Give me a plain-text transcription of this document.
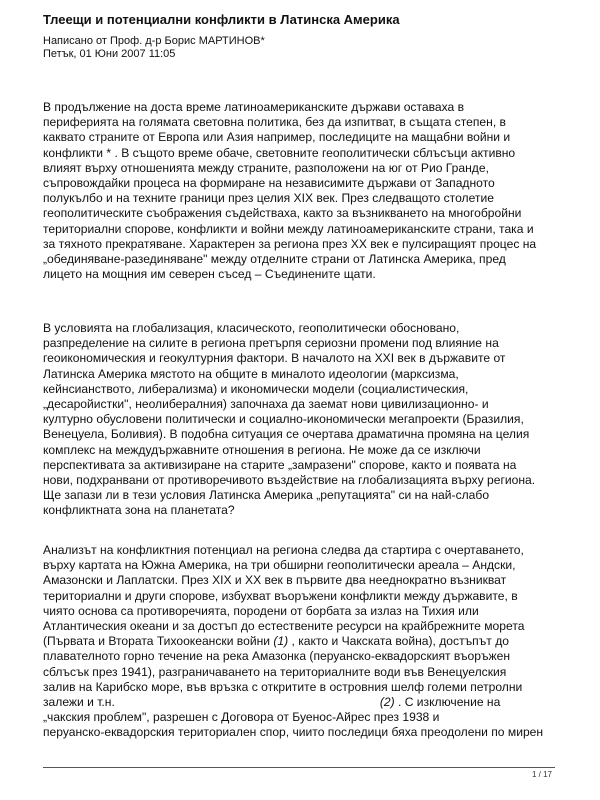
Тлеещи и потенциални конфликти в Латинска Америка
Написано от Проф. д-р Борис МАРТИНОВ*
Петък, 01 Юни 2007 11:05
В продължение на доста време латиноамериканските държави оставаха в
периферията на голямата световна политика, без да изпитват, в същата степен, в
каквато страните от Европа или Азия например, последиците на мащабни войни и
конфликти * . В същото време обаче, световните геополитически сблъсъци активно
влияят върху отношенията между страните, разположени на юг от Рио Гранде,
съпровождайки процеса на формиране на независимите държави от Западното
полукълбо и на техните граници през целия XIX век. През следващото столетие
геополитическите съображения съдействаха, както за възникването на многобройни
териториални спорове, конфликти и войни между латиноамериканските страни, така и
за тяхното прекратяване. Характерен за региона през XX век е пулсиращият процес на
„обединяване-разединяване" между отделните страни от Латинска Америка, пред
лицето на мощния им северен съсед – Съединените щати.
В условията на глобализация, класическото, геополитически обосновано,
разпределение на силите в региона претърпя сериозни промени под влияние на
геоикономическия и геокултурния фактори. В началото на XXI век в държавите от
Латинска Америка мястото на общите в миналото идеологии (марксизма,
кейнсианството, либерализма) и икономически модели (социалистическия,
„десаройистки", неолибералния) започнаха да заемат нови цивилизационно- и
културно обусловени политически и социално-икономически мегапроекти (Бразилия,
Венецуела, Боливия). В подобна ситуация се очертава драматична промяна на целия
комплекс на междудържавните отношения в региона. Не може да се изключи
перспективата за активизиране на старите „замразени" спорове, както и появата на
нови, подхранвани от противоречивото въздействие на глобализацията върху региона.
Ще запази ли в тези условия Латинска Америка „репутацията" си на най-слабо
конфликтната зона на планетата?
Анализът на конфликтния потенциал на региона следва да стартира с очертаването,
върху картата на Южна Америка, на три обширни геополитически ареала – Андски,
Амазонски и Лаплатски. През XIX и XX век в първите два нееднократно възникват
териториални и други спорове, избухват въоръжени конфликти между държавите, в
чиято основа са противоречията, породени от борбата за излаз на Тихия или
Атлантическия океани и за достъп до естествените ресурси на крайбрежните морета
(Първата и Втората Тихоокеански войни (1) , както и Чакската война), достъпът до
плавателното горно течение на река Амазонка (перуанско-еквадорският въоръжен
сблъсък през 1941), разграничаването на териториалните води във Венецуелския
залив на Карибско море, във връзка с откритите в островния шелф големи петролни
залежи и т.н.	(2) . С изключение на
„чакския проблем", разрешен с Договора от Буенос-Айрес през 1938 и
перуанско-еквадорския териториален спор, чиито последици бяха преодолени по мирен
1 / 17
